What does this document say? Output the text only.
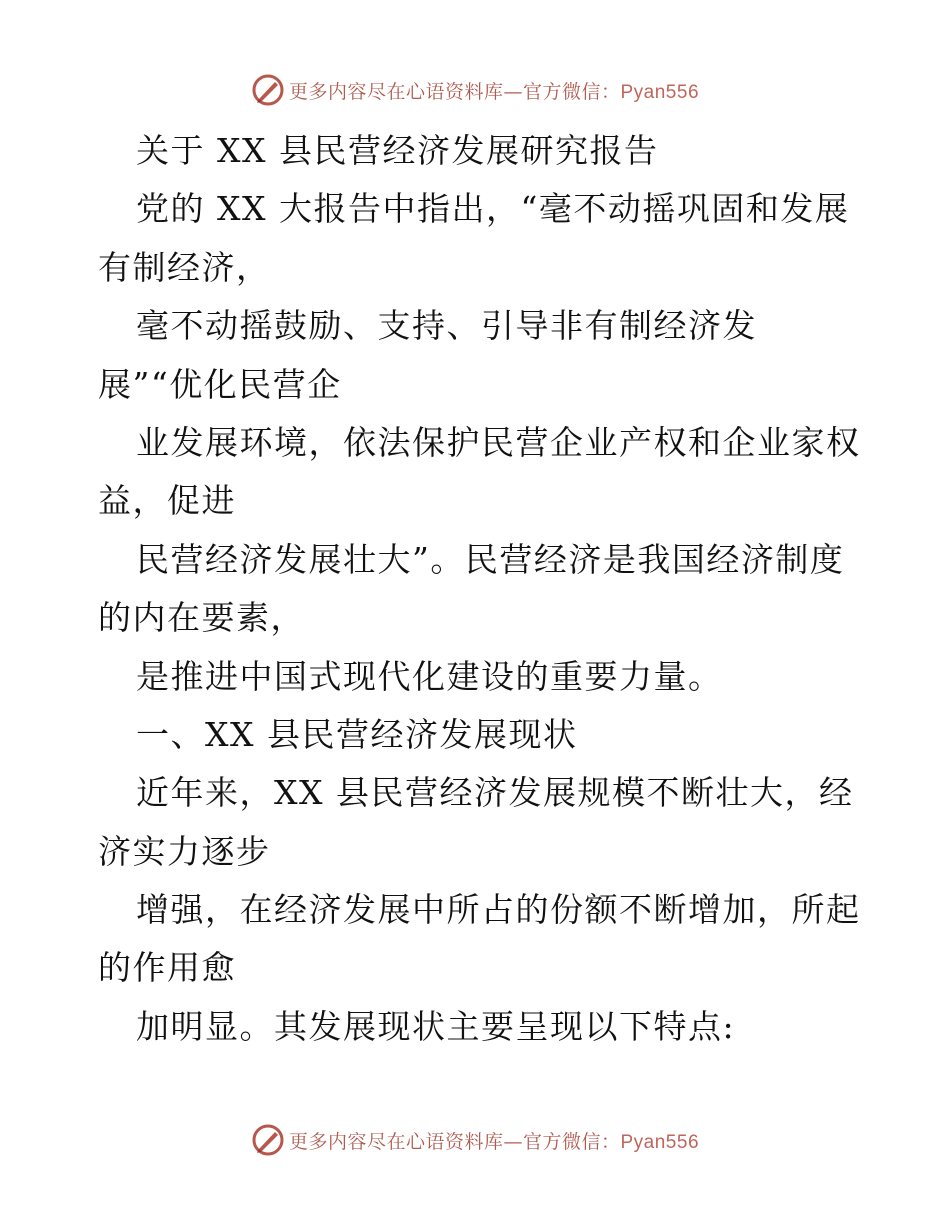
更多内容尽在心语资料库—官方微信：Pyan556
关于 XX 县民营经济发展研究报告
党的 XX 大报告中指出，“毫不动摇巩固和发展
有制经济，
毫不动摇鼓励、支持、引导非有制经济发
展”“优化民营企
业发展环境，依法保护民营企业产权和企业家权
益，促进
民营经济发展壮大”。民营经济是我国经济制度
的内在要素，
是推进中国式现代化建设的重要力量。
一、XX 县民营经济发展现状
近年来，XX 县民营经济发展规模不断壮大，经
济实力逐步
增强，在经济发展中所占的份额不断增加，所起
的作用愈
加明显。其发展现状主要呈现以下特点:
更多内容尽在心语资料库—官方微信：Pyan556
